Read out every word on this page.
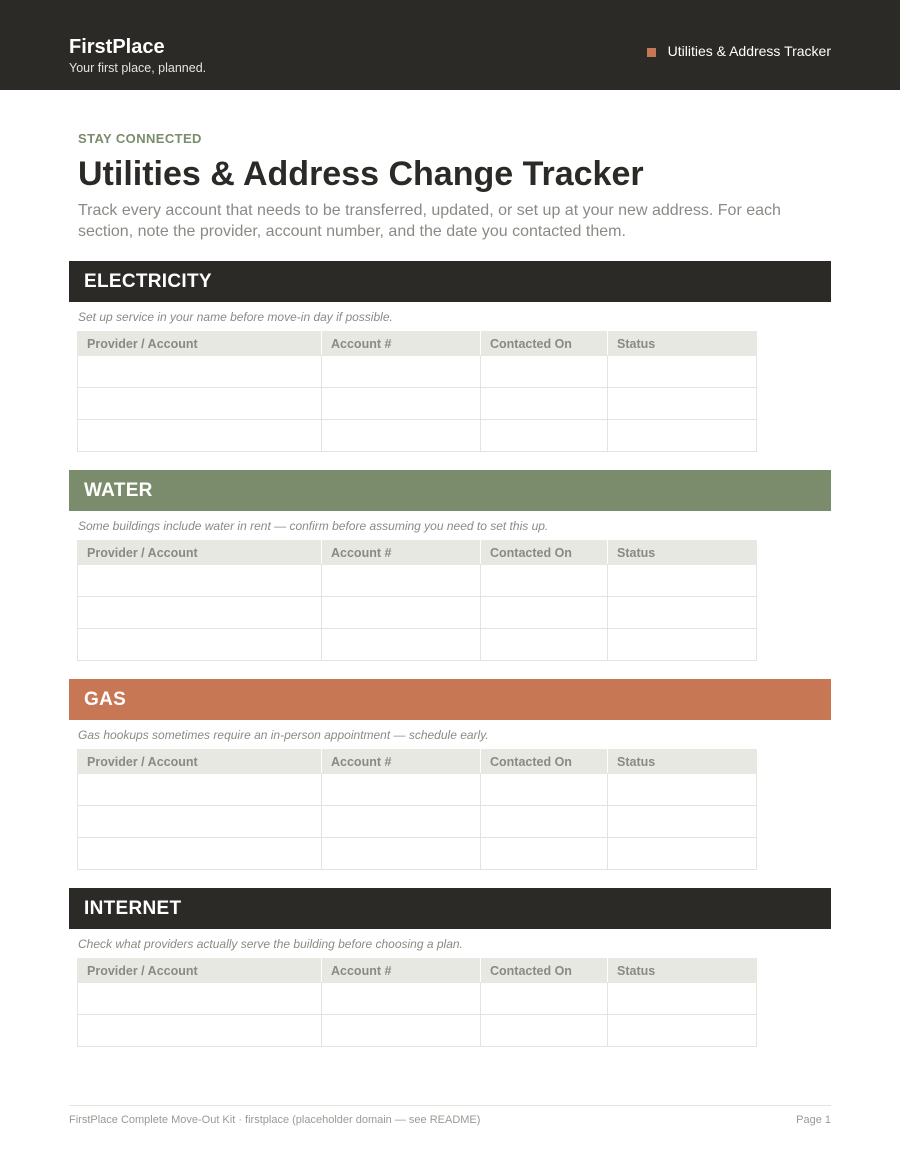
FirstPlace
Your first place, planned.
Utilities & Address Tracker
STAY CONNECTED
Utilities & Address Change Tracker

Track every account that needs to be transferred, updated, or set up at your new address. For each section, note the provider, account number, and the date you contacted them.

ELECTRICITY
Set up service in your name before move-in day if possible.
Provider / Account	Account #	Contacted On	Status

WATER
Some buildings include water in rent — confirm before assuming you need to set this up.
Provider / Account	Account #	Contacted On	Status

GAS
Gas hookups sometimes require an in-person appointment — schedule early.
Provider / Account	Account #	Contacted On	Status

INTERNET
Check what providers actually serve the building before choosing a plan.
Provider / Account	Account #	Contacted On	Status

FirstPlace Complete Move-Out Kit · firstplace (placeholder domain — see README)	Page 1
